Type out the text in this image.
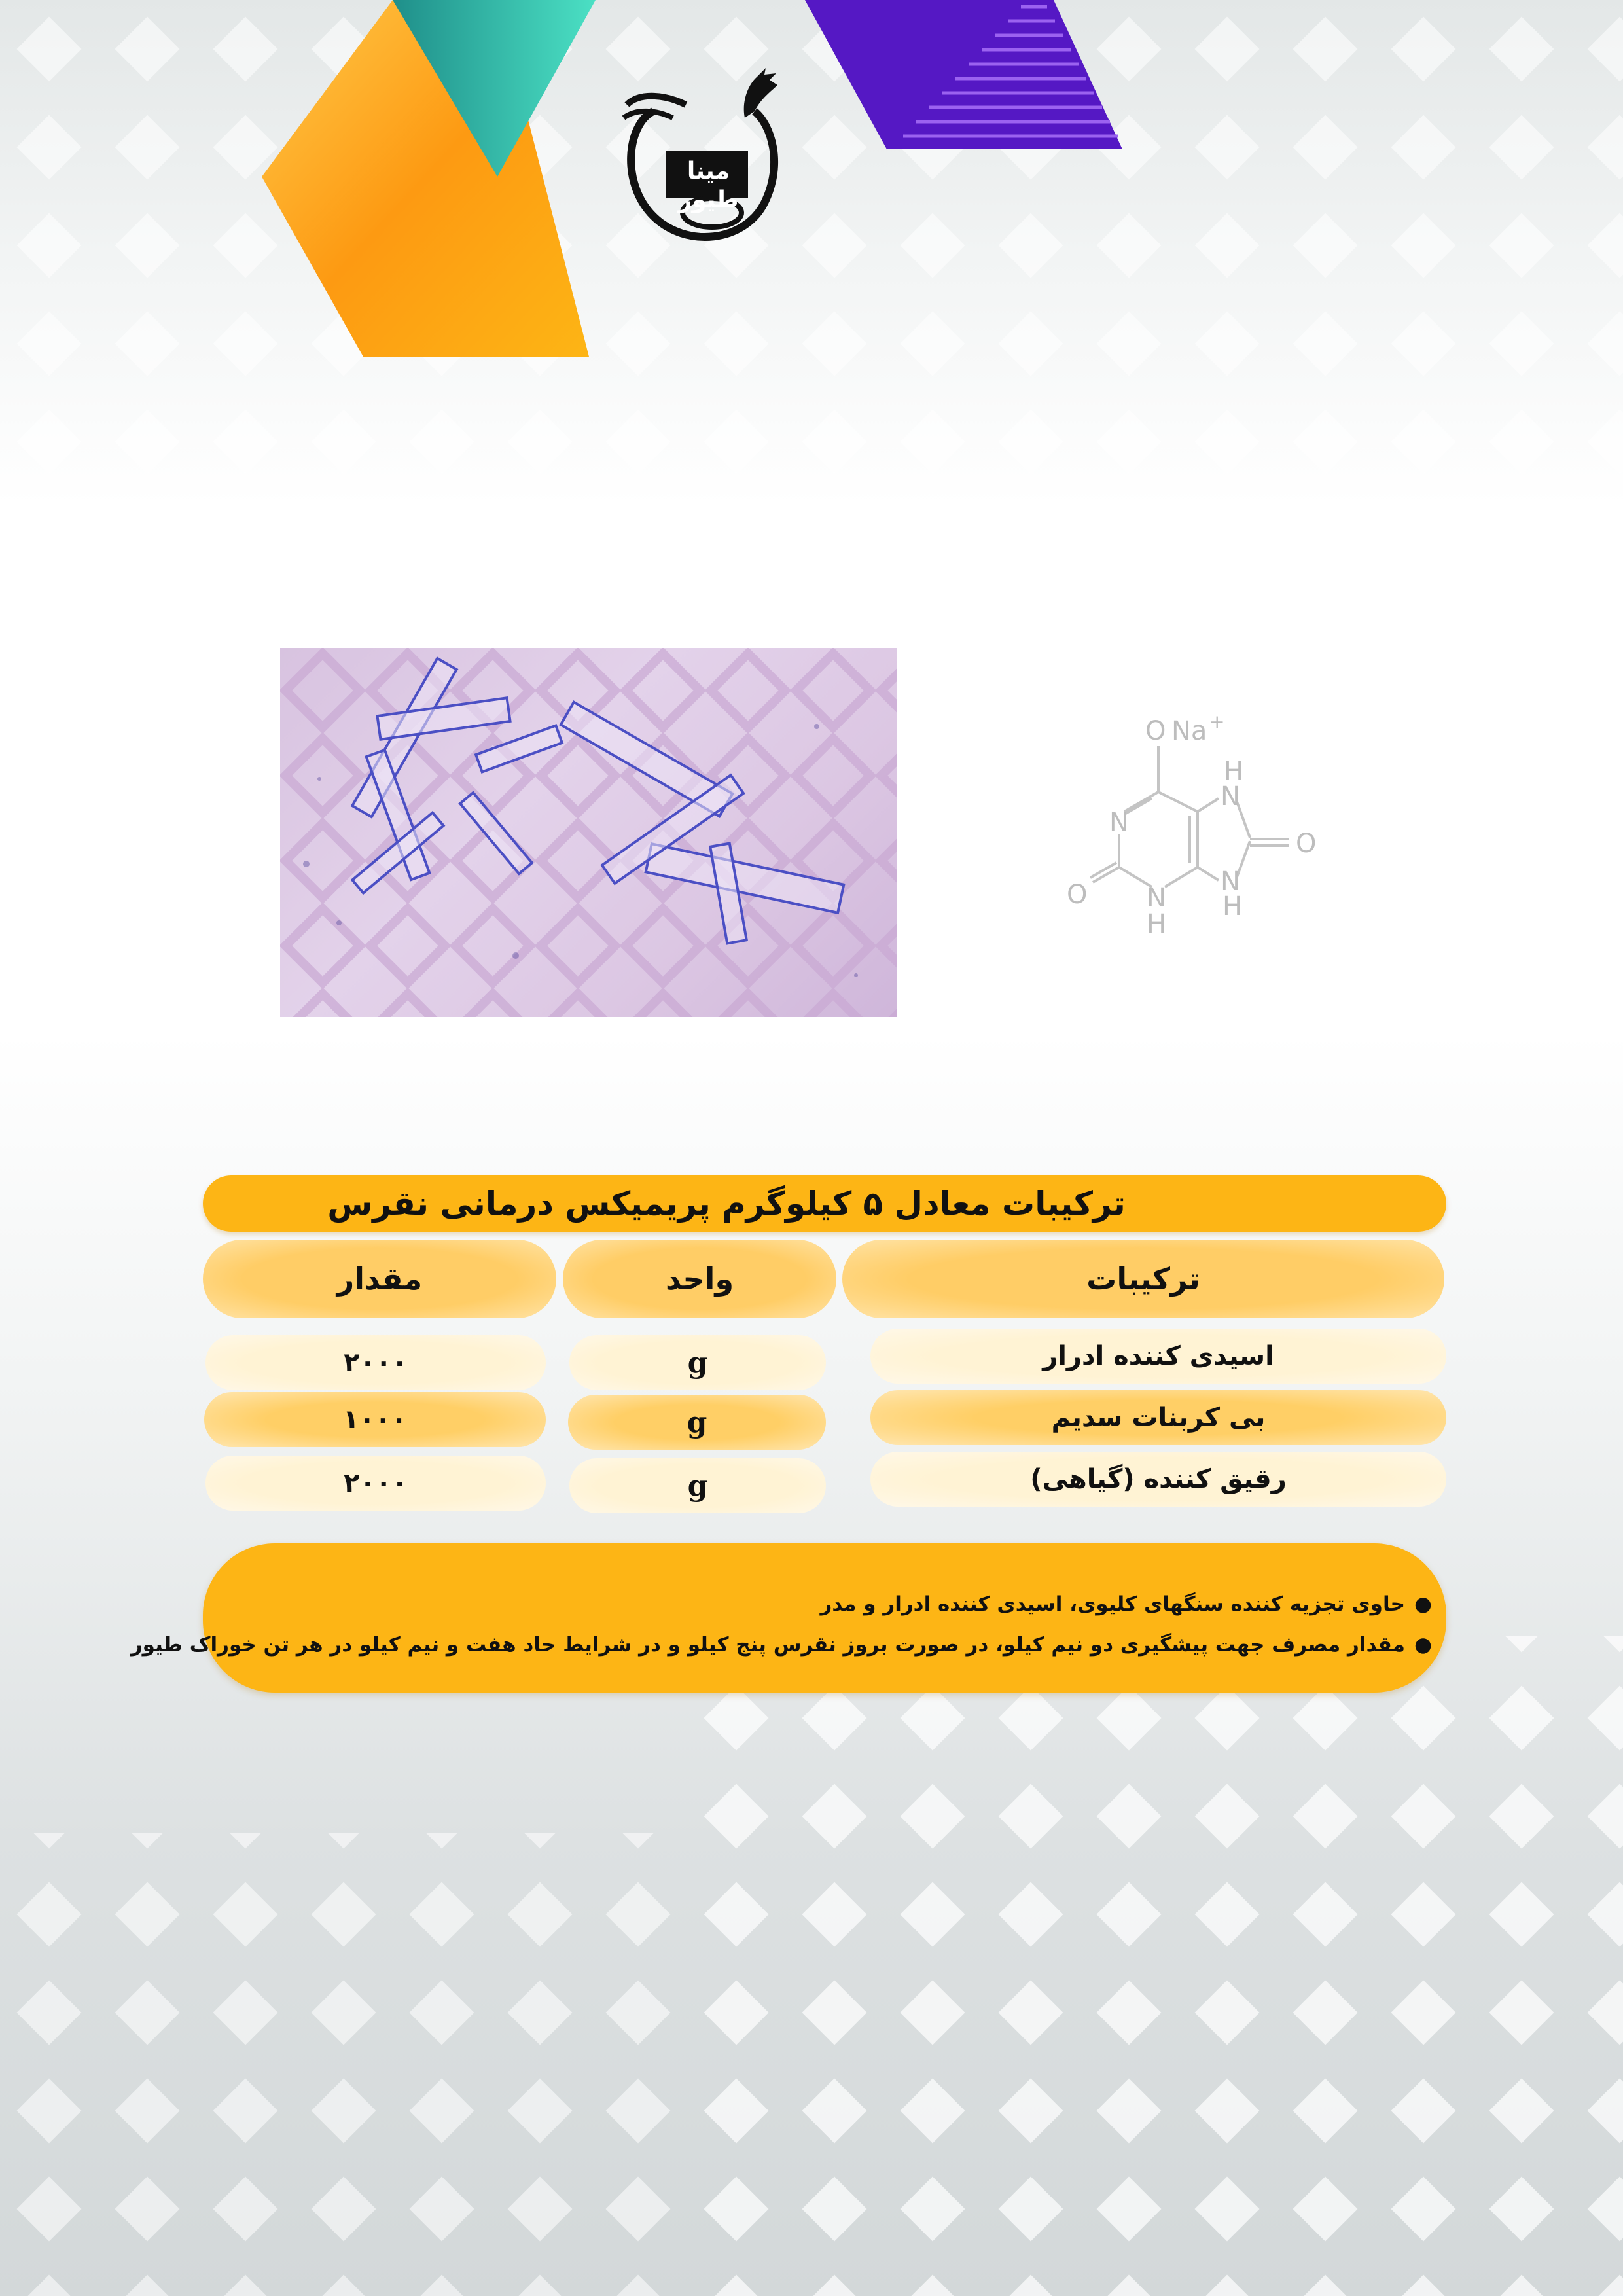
مینا طیور
O Na +
N
H
N
O
N
H
O N
H
ترکیبات معادل ۵ کیلوگرم پریمیکس درمانی نقرس
ترکیبات
واحد
مقدار
اسیدی کننده ادرار
g
۲۰۰۰
بی کربنات سدیم
g
۱۰۰۰
رقیق کننده (گیاهی)
g
۲۰۰۰
●حاوی تجزیه کننده سنگهای کلیوی، اسیدی کننده ادرار و مدر
●مقدار مصرف جهت پیشگیری دو نیم کیلو، در صورت بروز نقرس پنج کیلو و در شرایط حاد هفت و نیم کیلو در هر تن خوراک طیور
